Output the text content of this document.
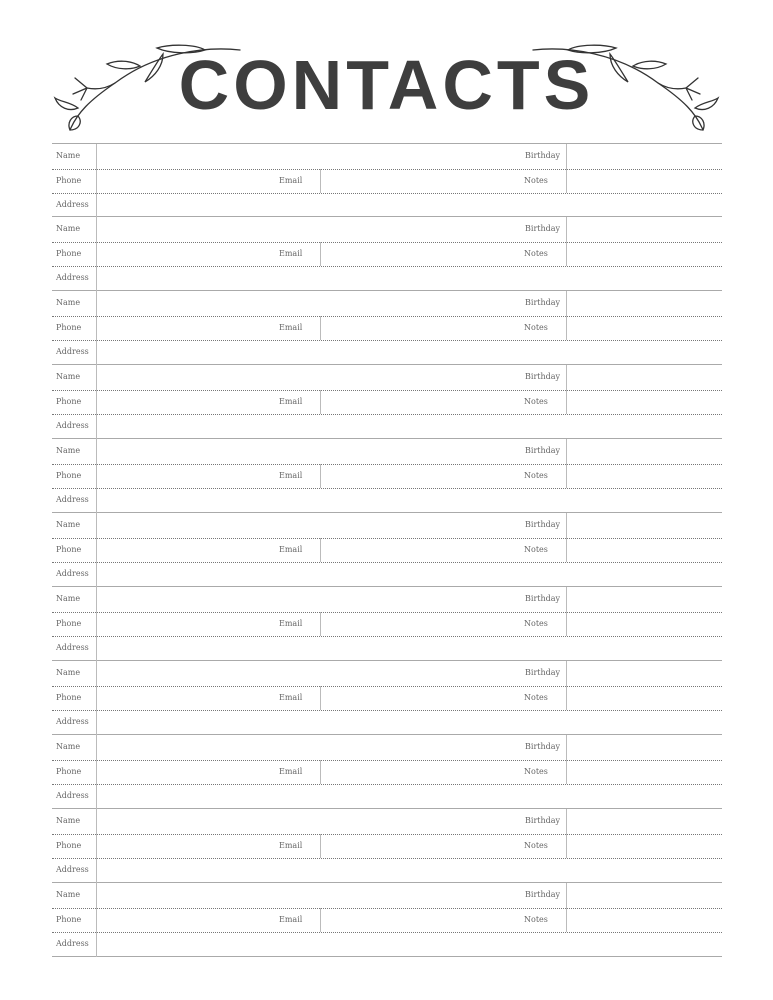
CONTACTS
Name	Birthday
Phone	Email	Notes
Address
Name	Birthday
Phone	Email	Notes
Address
Name	Birthday
Phone	Email	Notes
Address
Name	Birthday
Phone	Email	Notes
Address
Name	Birthday
Phone	Email	Notes
Address
Name	Birthday
Phone	Email	Notes
Address
Name	Birthday
Phone	Email	Notes
Address
Name	Birthday
Phone	Email	Notes
Address
Name	Birthday
Phone	Email	Notes
Address
Name	Birthday
Phone	Email	Notes
Address
Name	Birthday
Phone	Email	Notes
Address
